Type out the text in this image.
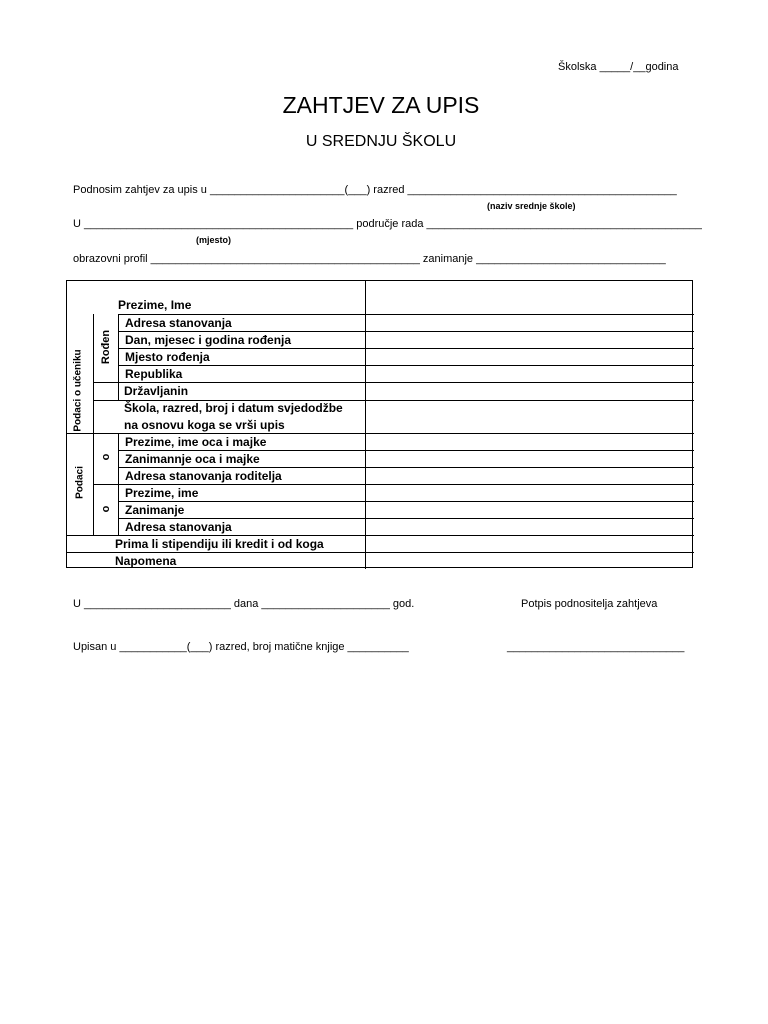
Školska _____/__godina
ZAHTJEV ZA UPIS
U SREDNJU ŠKOLU
Podnosim zahtjev za upis u ______________________(___) razred ____________________________________________
(naziv srednje škole)
U ____________________________________________ područje rada _____________________________________________
(mjesto)
obrazovni profil ____________________________________________ zanimanje _______________________________
Prezime, Ime
Podaci o učeniku
Rođen
Adresa stanovanja
Dan, mjesec i godina rođenja
Mjesto rođenja
Republika
Državljanin
Škola, razred, broj i datum svjedodžbe
na osnovu koga se vrši upis
Podaci
o
Prezime, ime oca i majke
Zanimannje oca i majke
Adresa stanovanja roditelja
o
Prezime, ime
Zanimanje
Adresa stanovanja
Prima li stipendiju ili kredit i od koga
Napomena
U ________________________ dana _____________________ god.	Potpis podnositelja zahtjeva
Upisan u ___________(___) razred, broj matične knjige __________	_____________________________
